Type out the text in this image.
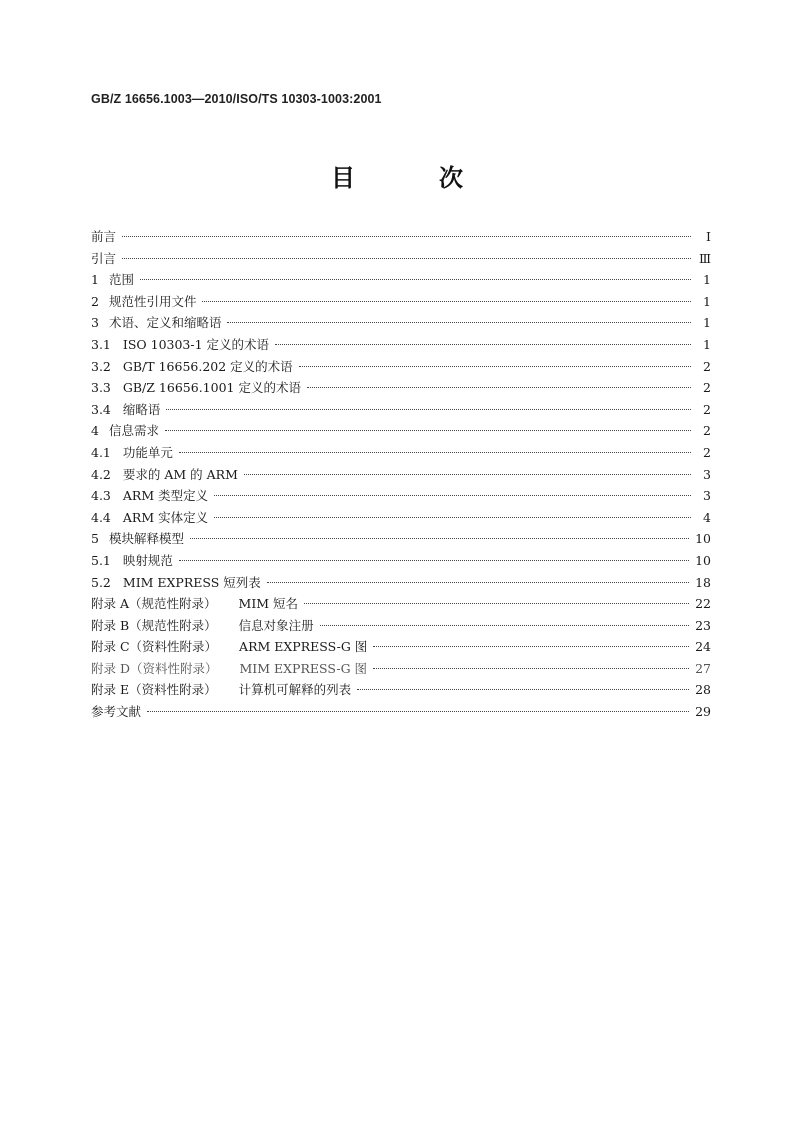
GB/Z 16656.1003—2010/ISO/TS 10303-1003:2001
目　次
前言	Ⅰ
引言	Ⅲ
1 范围	1
2 规范性引用文件	1
3 术语、定义和缩略语	1
3.1 ISO 10303-1 定义的术语	1
3.2 GB/T 16656.202 定义的术语	2
3.3 GB/Z 16656.1001 定义的术语	2
3.4 缩略语	2
4 信息需求	2
4.1 功能单元	2
4.2 要求的 AM 的 ARM	3
4.3 ARM 类型定义	3
4.4 ARM 实体定义	4
5 模块解释模型	10
5.1 映射规范	10
5.2 MIM EXPRESS 短列表	18
附录 A（规范性附录）	MIM 短名	22
附录 B（规范性附录）	信息对象注册	23
附录 C（资料性附录）	ARM EXPRESS-G 图	24
附录 D（资料性附录）	MIM EXPRESS-G 图	27
附录 E（资料性附录）	计算机可解释的列表	28
参考文献	29
